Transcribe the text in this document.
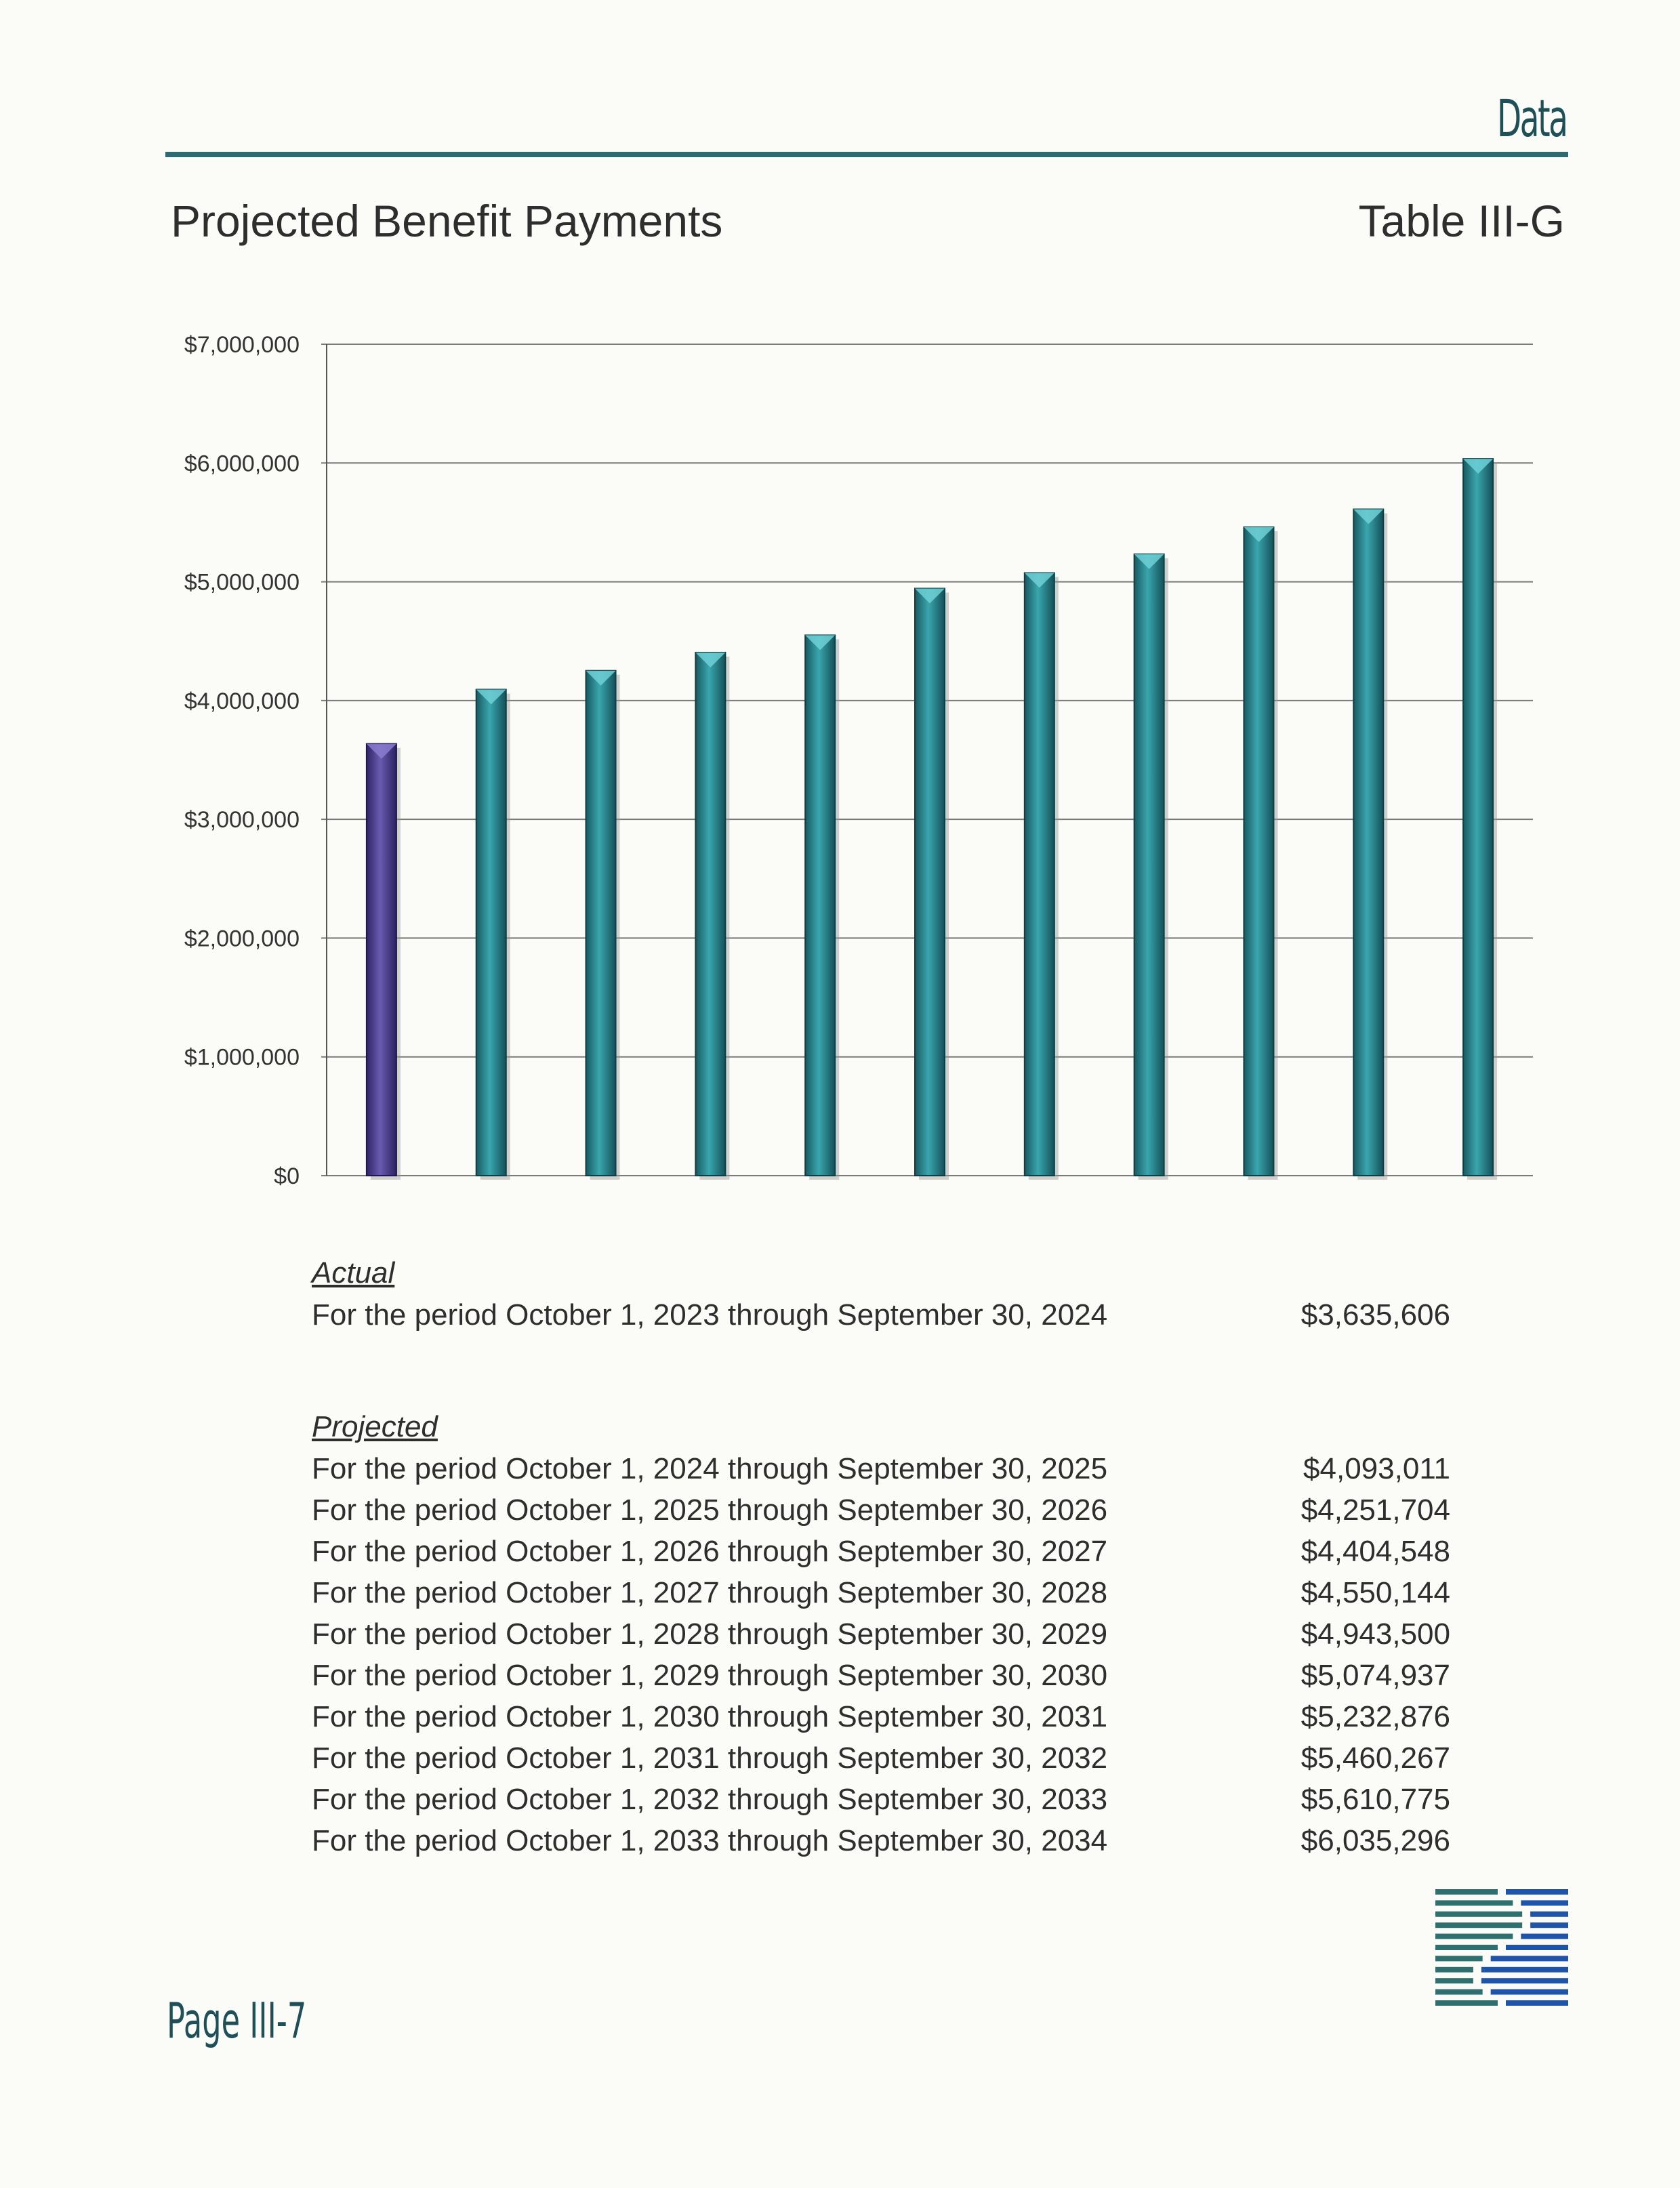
Data
Projected Benefit Payments	Table III-G
$0
$1,000,000
$2,000,000
$3,000,000
$4,000,000
$5,000,000
$6,000,000
$7,000,000
Actual
For the period October 1, 2023 through September 30, 2024	$3,635,606
Projected
For the period October 1, 2024 through September 30, 2025	$4,093,011
For the period October 1, 2025 through September 30, 2026	$4,251,704
For the period October 1, 2026 through September 30, 2027	$4,404,548
For the period October 1, 2027 through September 30, 2028	$4,550,144
For the period October 1, 2028 through September 30, 2029	$4,943,500
For the period October 1, 2029 through September 30, 2030	$5,074,937
For the period October 1, 2030 through September 30, 2031	$5,232,876
For the period October 1, 2031 through September 30, 2032	$5,460,267
For the period October 1, 2032 through September 30, 2033	$5,610,775
For the period October 1, 2033 through September 30, 2034	$6,035,296
Page III-7
